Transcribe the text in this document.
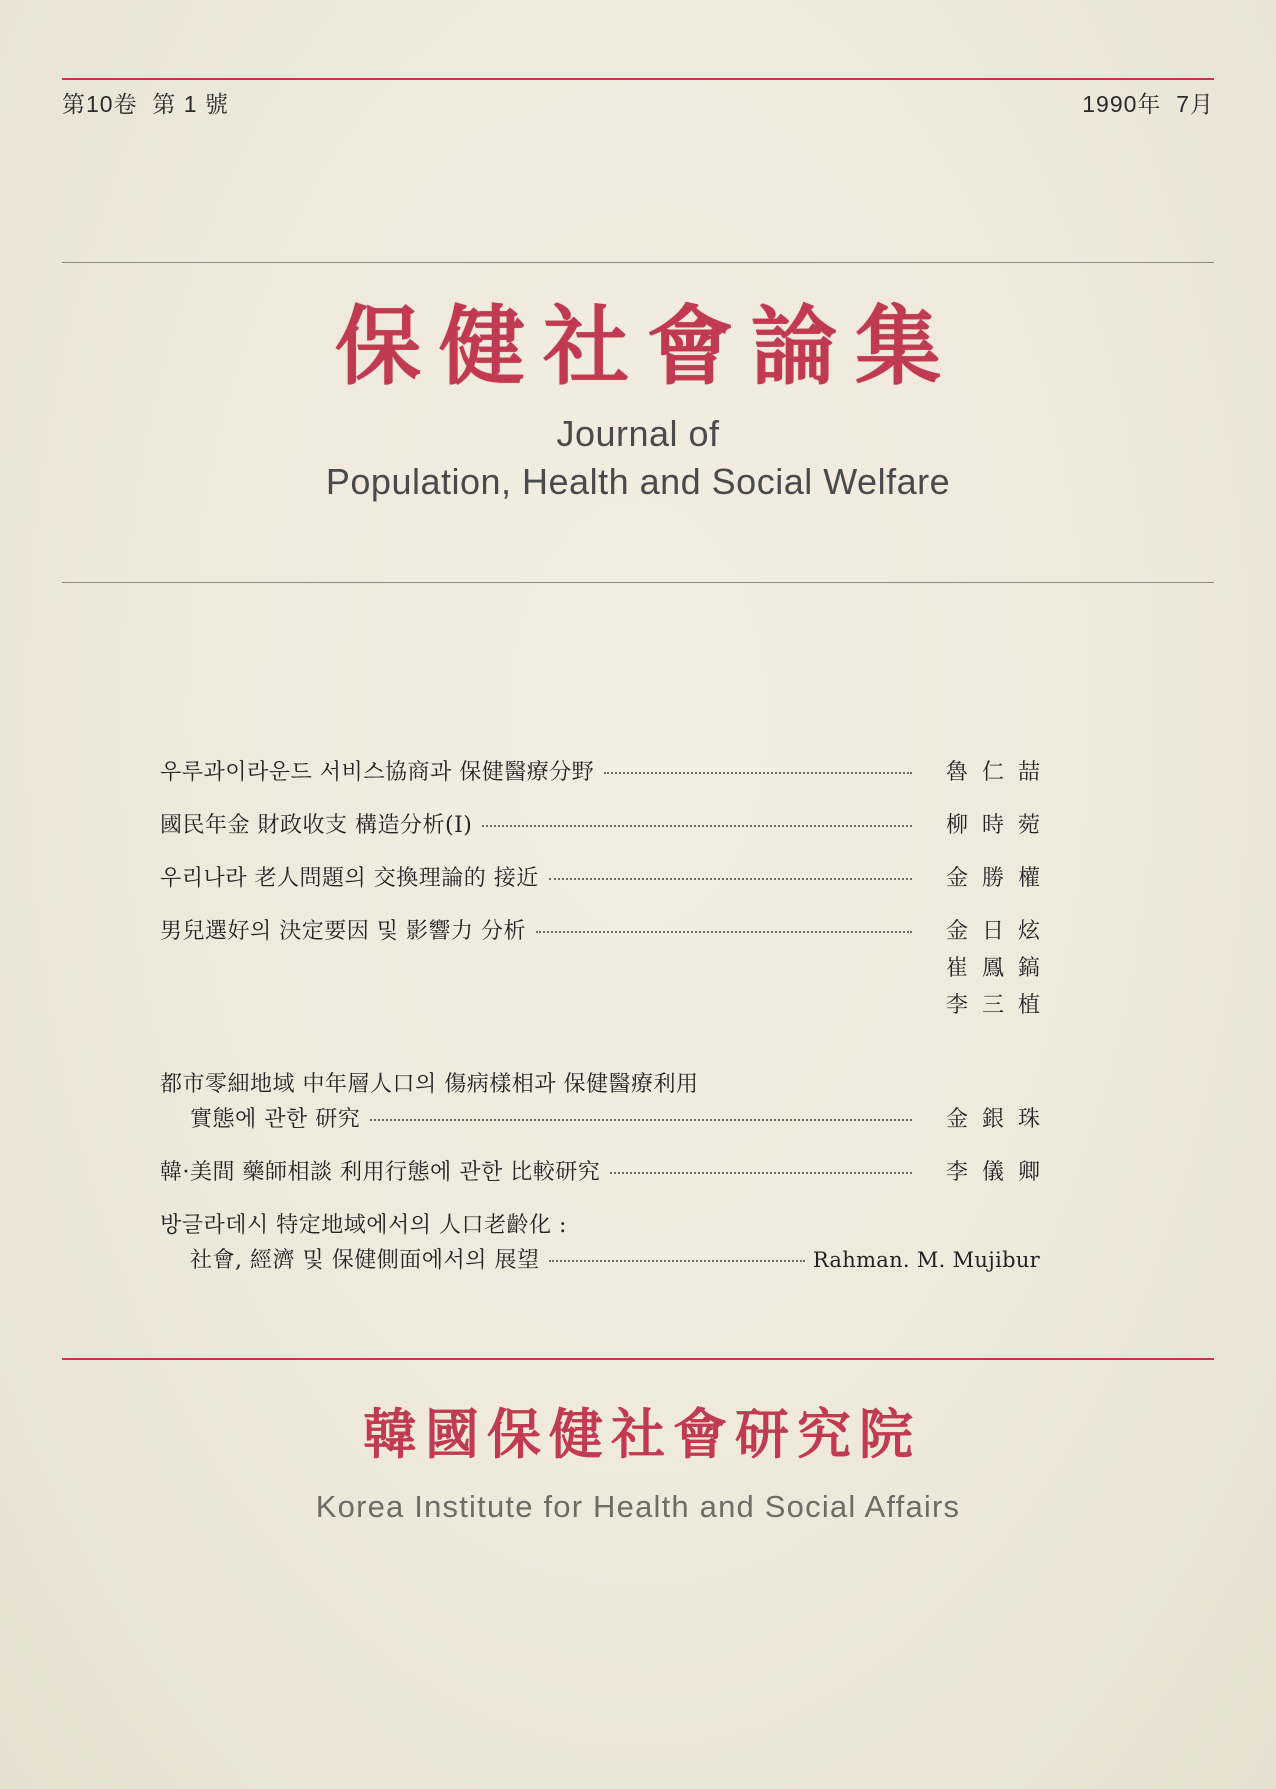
第10卷  第 1 號	1990年  7月
保健社會論集
Journal of
Population, Health and Social Welfare
우루과이라운드 서비스協商과 保健醫療分野	魯  仁  喆
國民年金 財政收支 構造分析(Ⅰ)	柳  時  菀
우리나라 老人問題의 交換理論的 接近	金  勝  權
男兒選好의 決定要因 및 影響力 分析	金  日  炫
崔  鳳  鎬
李  三  植
都市零細地域 中年層人口의 傷病樣相과 保健醫療利用
實態에 관한 研究	金  銀  珠
韓·美間 藥師相談 利用行態에 관한 比較研究	李  儀  卿
방글라데시 特定地域에서의 人口老齡化 :
社會, 經濟 및 保健側面에서의 展望	Rahman. M. Mujibur
韓國保健社會研究院
Korea Institute for Health and Social Affairs
